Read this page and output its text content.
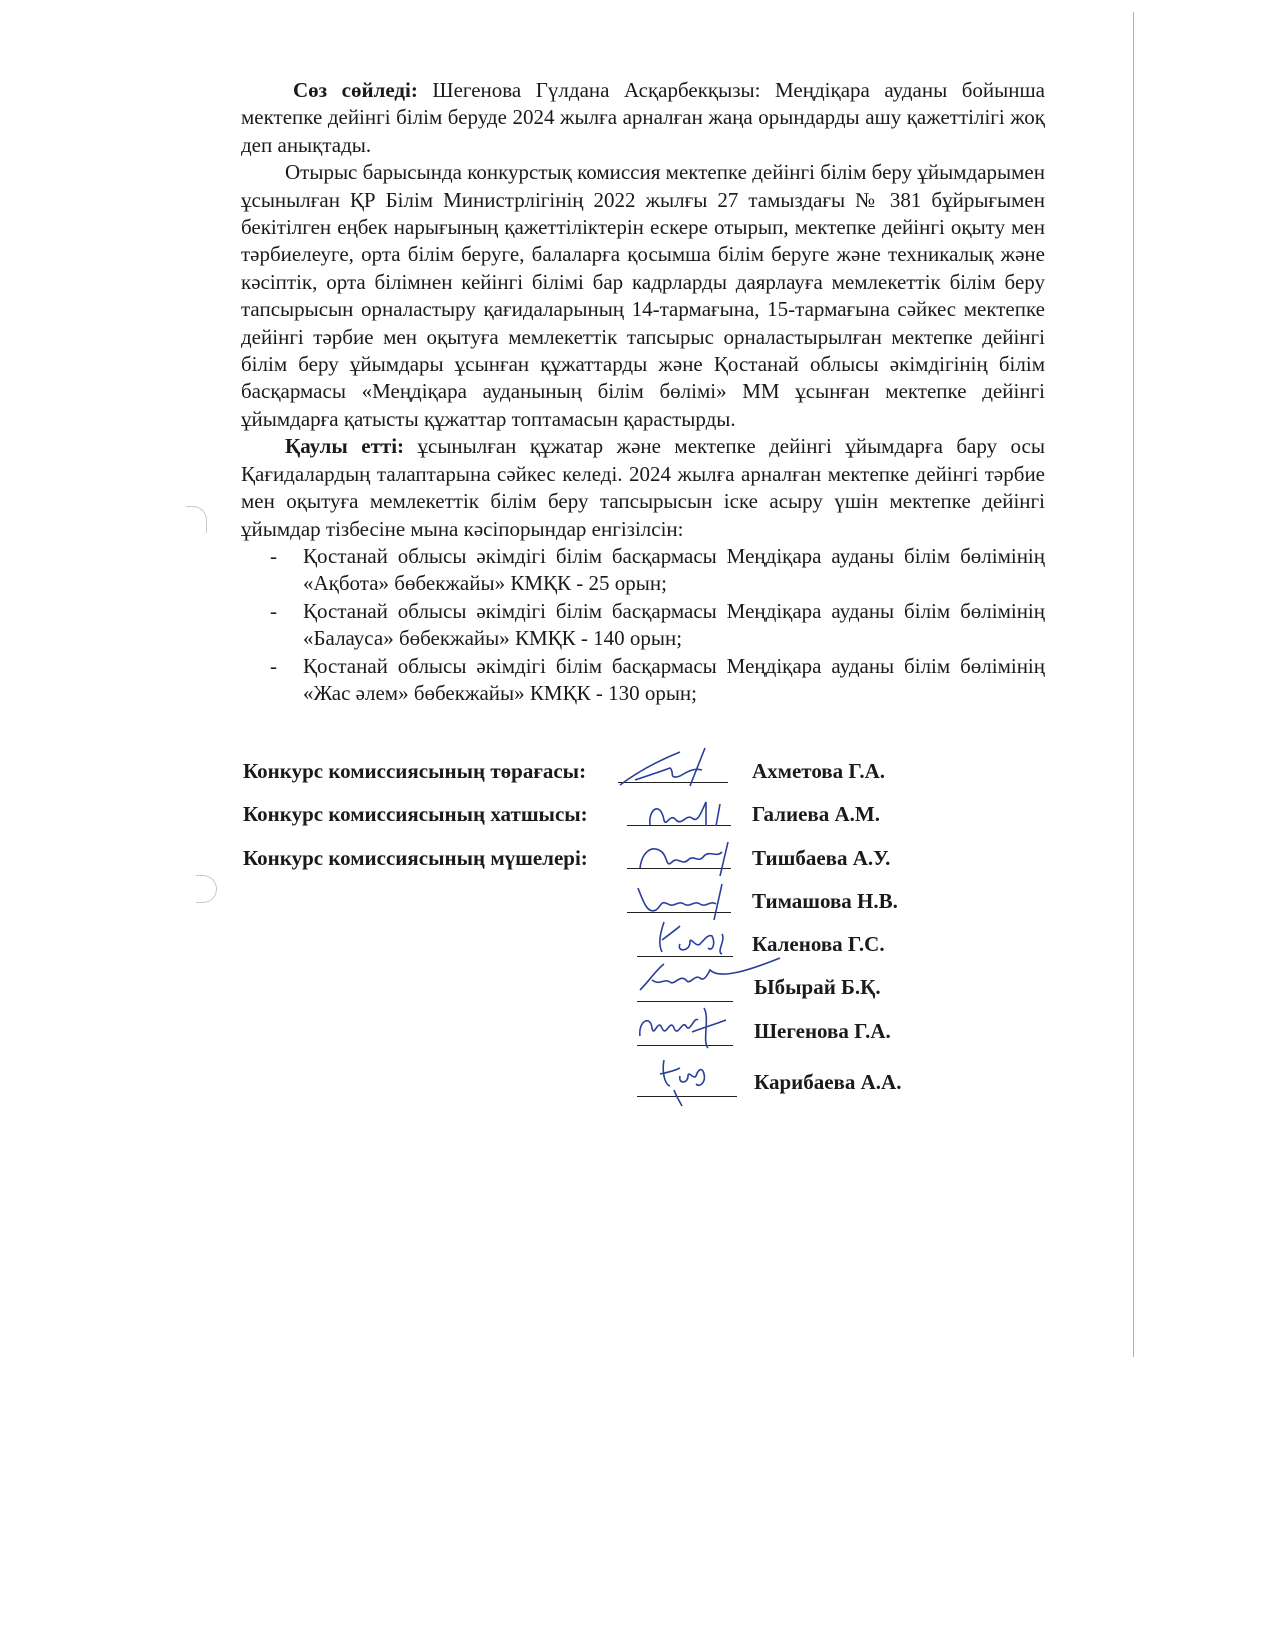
Сөз сөйледі: Шегенова Гүлдана Асқарбекқызы: Меңдіқара ауданы бойынша мектепке дейінгі білім беруде 2024 жылға арналған жаңа орындарды ашу қажеттілігі жоқ деп анықтады.

Отырыс барысында конкурстық комиссия мектепке дейінгі білім беру ұйымдарымен ұсынылған ҚР Білім Министрлігінің 2022 жылғы 27 тамыздағы № 381 бұйрығымен бекітілген еңбек нарығының қажеттіліктерін ескере отырып, мектепке дейінгі оқыту мен тәрбиелеуге, орта білім беруге, балаларға қосымша білім беруге және техникалық және кәсіптік, орта білімнен кейінгі білімі бар кадрларды даярлауға мемлекеттік білім беру тапсырысын орналастыру қағидаларының 14-тармағына, 15-тармағына сәйкес мектепке дейінгі тәрбие мен оқытуға мемлекеттік тапсырыс орналастырылған мектепке дейінгі білім беру ұйымдары ұсынған құжаттарды және Қостанай облысы әкімдігінің білім басқармасы «Меңдіқара ауданының білім бөлімі» ММ ұсынған мектепке дейінгі ұйымдарға қатысты құжаттар топтамасын қарастырды.

Қаулы етті: ұсынылған құжатар және мектепке дейінгі ұйымдарға бару осы Қағидалардың талаптарына сәйкес келеді. 2024 жылға арналған мектепке дейінгі тәрбие мен оқытуға мемлекеттік білім беру тапсырысын іске асыру үшін мектепке дейінгі ұйымдар тізбесіне мына кәсіпорындар енгізілсін:

- Қостанай облысы әкімдігі білім басқармасы Меңдіқара ауданы білім бөлімінің «Ақбота» бөбекжайы» КМҚК - 25 орын;
- Қостанай облысы әкімдігі білім басқармасы Меңдіқара ауданы білім бөлімінің «Балауса» бөбекжайы» КМҚК - 140 орын;
- Қостанай облысы әкімдігі білім басқармасы Меңдіқара ауданы білім бөлімінің «Жас әлем» бөбекжайы» КМҚК - 130 орын;
Конкурс комиссиясының төрағасы:	Ахметова Г.А.
Конкурс комиссиясының хатшысы:	Галиева А.М.
Конкурс комиссиясының мүшелері:	Тишбаева А.У.
Тимашова Н.В.
Каленова Г.С.
Ыбырай Б.Қ.
Шегенова Г.А.
Карибаева А.А.
